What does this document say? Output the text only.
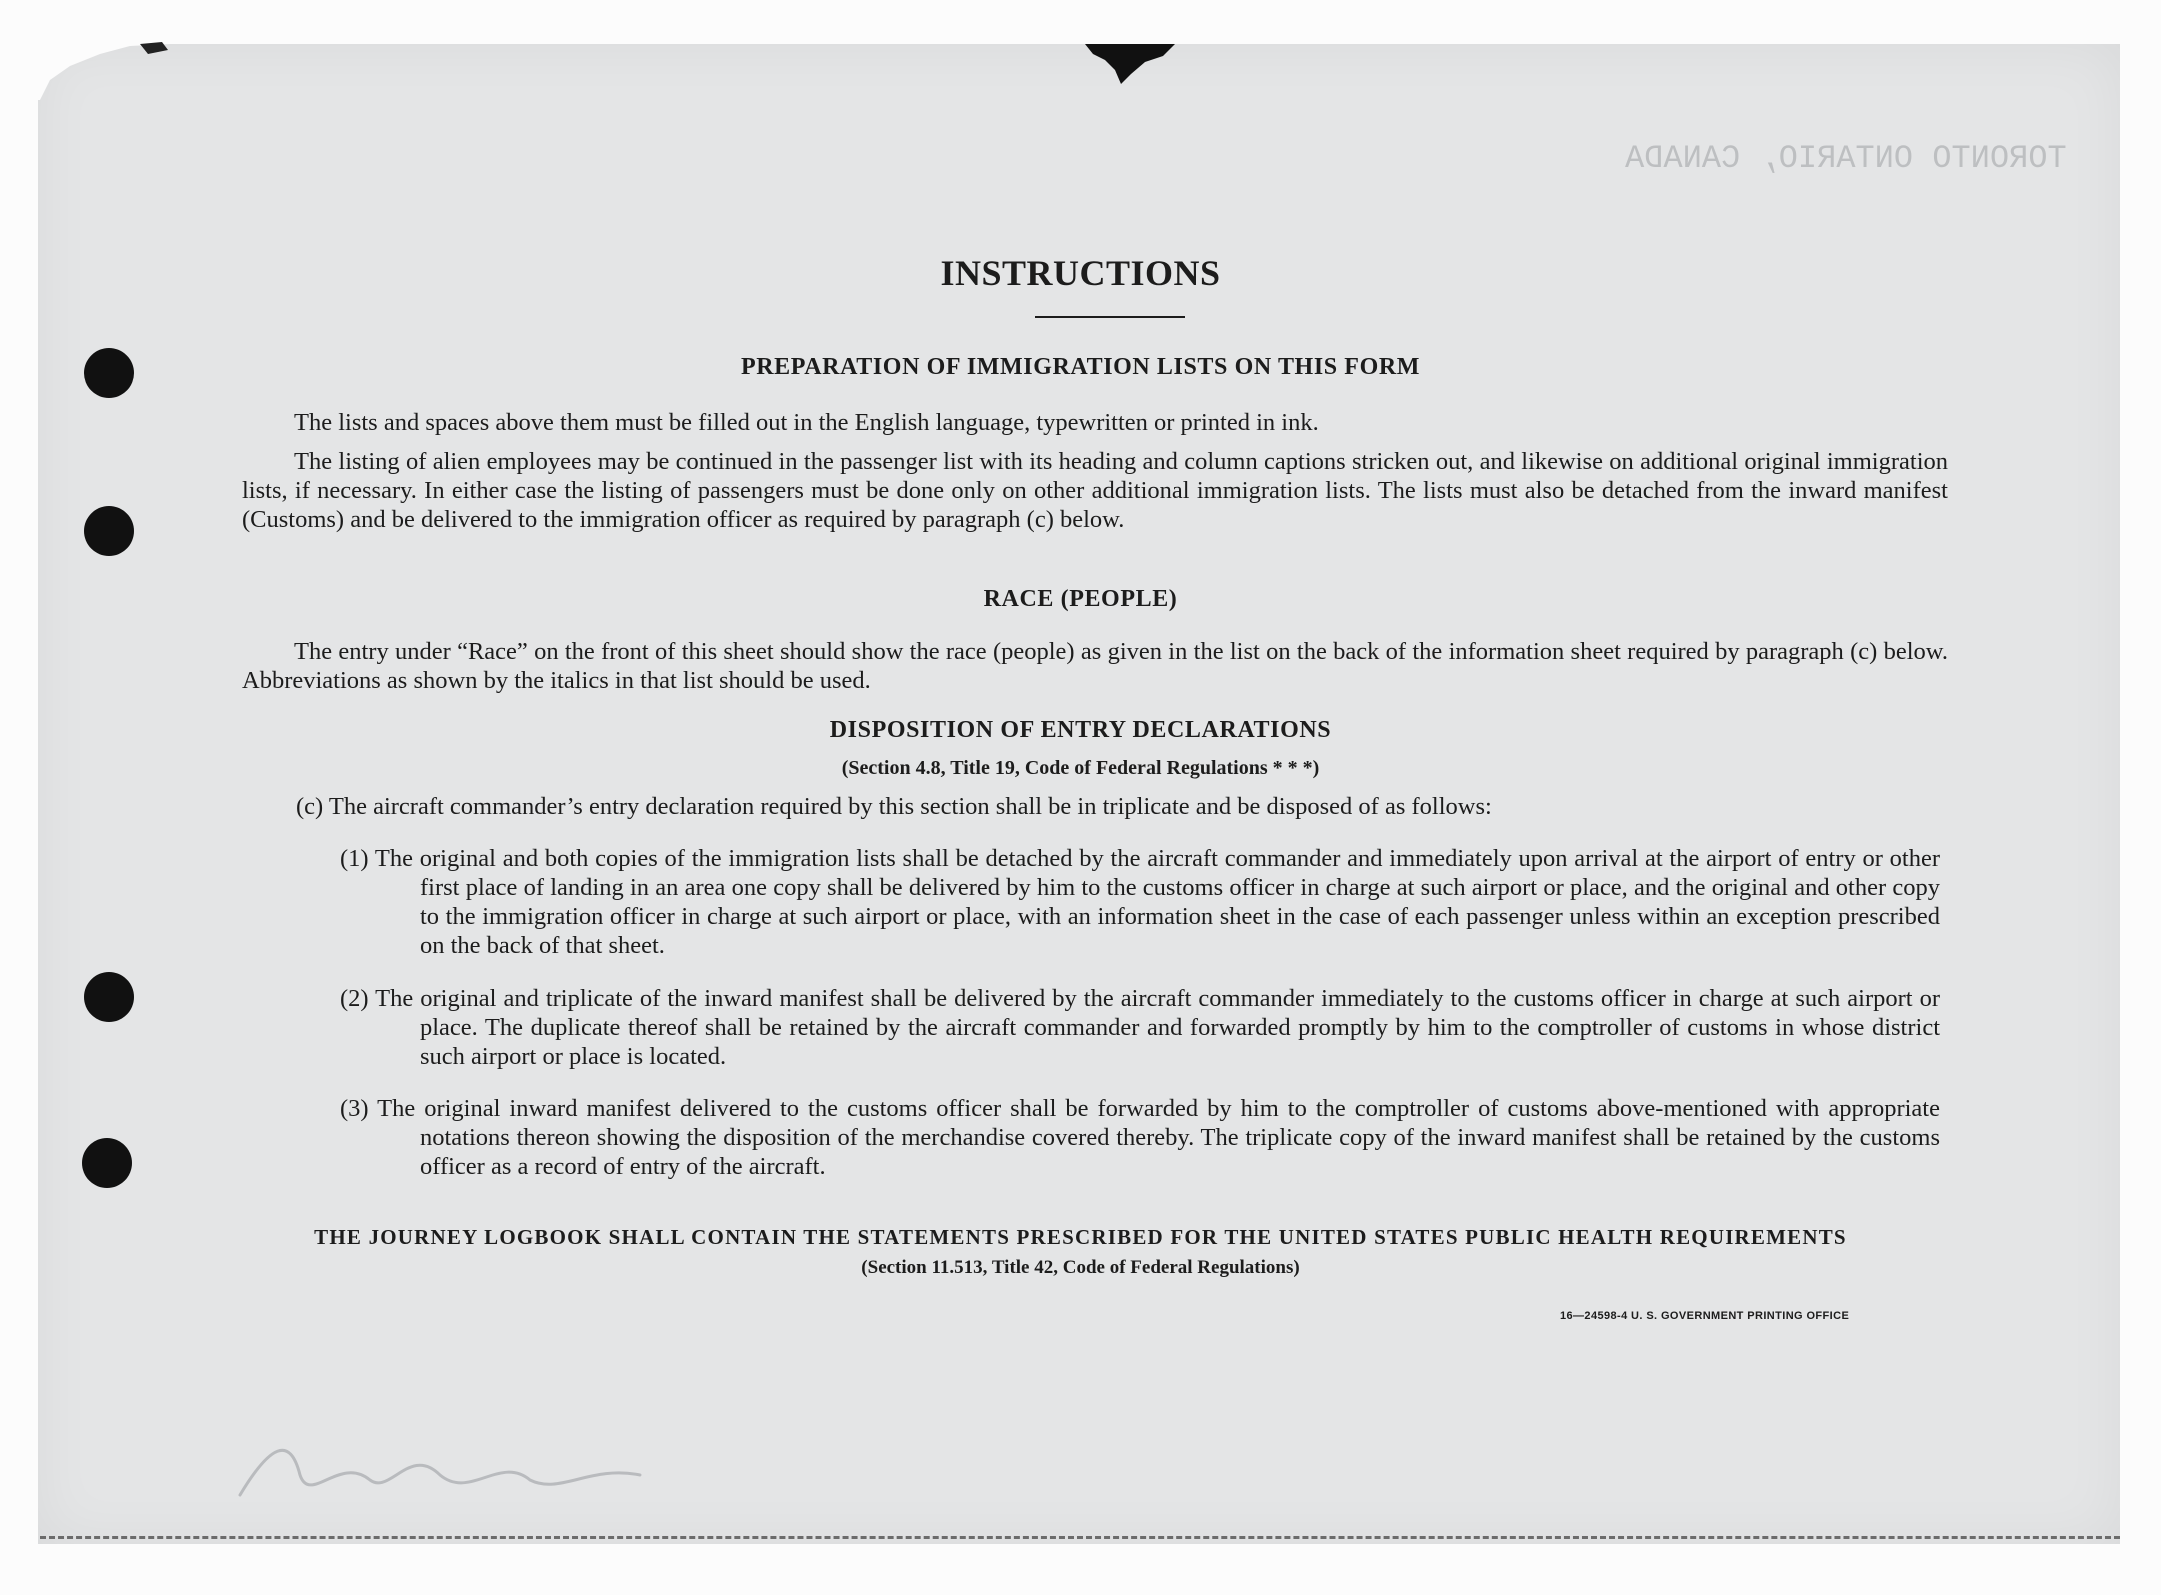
TORONTO ONTARIO, CANADA
INSTRUCTIONS
PREPARATION OF IMMIGRATION LISTS ON THIS FORM

The lists and spaces above them must be filled out in the English language, typewritten or printed in ink.

The listing of alien employees may be continued in the passenger list with its heading and column captions stricken out, and likewise on additional original immigration lists, if necessary. In either case the listing of passengers must be done only on other additional immigration lists. The lists must also be detached from the inward manifest (Customs) and be delivered to the immigration officer as required by paragraph (c) below.

RACE (PEOPLE)

The entry under “Race” on the front of this sheet should show the race (people) as given in the list on the back of the information sheet required by paragraph (c) below. Abbreviations as shown by the italics in that list should be used.

DISPOSITION OF ENTRY DECLARATIONS
(Section 4.8, Title 19, Code of Federal Regulations * * *)

(c) The aircraft commander’s entry declaration required by this section shall be in triplicate and be disposed of as follows:

(1) The original and both copies of the immigration lists shall be detached by the aircraft commander and immediately upon arrival at the airport of entry or other first place of landing in an area one copy shall be delivered by him to the customs officer in charge at such airport or place, and the original and other copy to the immigration officer in charge at such airport or place, with an information sheet in the case of each passenger unless within an exception prescribed on the back of that sheet.

(2) The original and triplicate of the inward manifest shall be delivered by the aircraft commander immediately to the customs officer in charge at such airport or place. The duplicate thereof shall be retained by the aircraft commander and forwarded promptly by him to the comptroller of customs in whose district such airport or place is located.

(3) The original inward manifest delivered to the customs officer shall be forwarded by him to the comptroller of customs above-mentioned with appropriate notations thereon showing the disposition of the merchandise covered thereby. The triplicate copy of the inward manifest shall be retained by the customs officer as a record of entry of the aircraft.

THE JOURNEY LOGBOOK SHALL CONTAIN THE STATEMENTS PRESCRIBED FOR THE UNITED STATES PUBLIC HEALTH REQUIREMENTS
(Section 11.513, Title 42, Code of Federal Regulations)
16—24598-4 U. S. GOVERNMENT PRINTING OFFICE
